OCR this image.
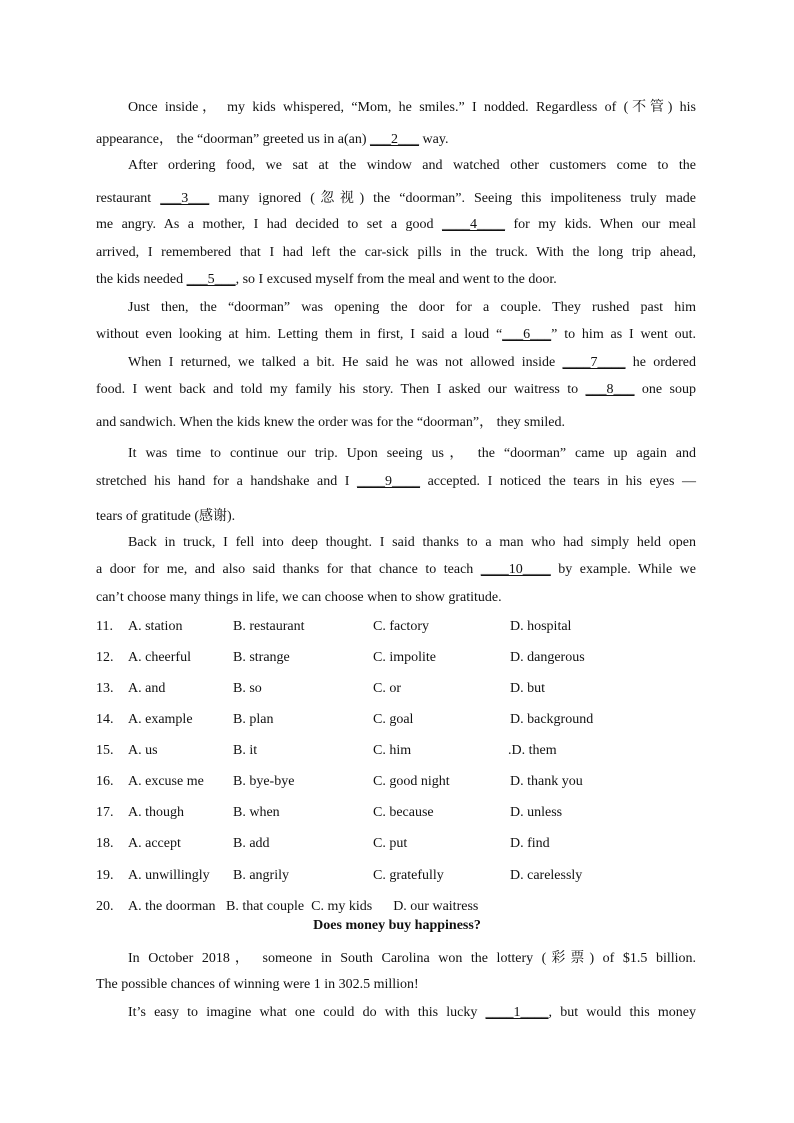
Once inside， my kids whispered, “Mom, he smiles.” I nodded. Regardless of (不管) his
appearance， the “doorman” greeted us in a(an) ___2___ way.
After ordering food, we sat at the window and watched other customers come to the
restaurant ___3___ many ignored (忽视) the “doorman”. Seeing this impoliteness truly made
me angry. As a mother, I had decided to set a good ____4____ for my kids. When our meal
arrived, I remembered that I had left the car-sick pills in the truck. With the long trip ahead,
the kids needed ___5___, so I excused myself from the meal and went to the door.
Just then, the “doorman” was opening the door for a couple. They rushed past him
without even looking at him. Letting them in first, I said a loud “___6___” to him as I went out.
When I returned, we talked a bit. He said he was not allowed inside ____7____ he ordered
food. I went back and told my family his story. Then I asked our waitress to ___8___ one soup
and sandwich. When the kids knew the order was for the “doorman”， they smiled.
It was time to continue our trip. Upon seeing us， the “doorman” came up again and
stretched his hand for a handshake and I ____9____ accepted. I noticed the tears in his eyes —
tears of gratitude (感谢).
Back in truck, I fell into deep thought. I said thanks to a man who had simply held open
a door for me, and also said thanks for that chance to teach ____10____ by example. While we
can’t choose many things in life, we can choose when to show gratitude.
11. A. station	B. restaurant	C. factory	D. hospital
12. A. cheerful	B. strange	C. impolite	D. dangerous
13. A. and	B. so	C. or	D. but
14. A. example	B. plan	C. goal	D. background
15. A. us	B. it	C. him	.D. them
16. A. excuse me B. bye-bye	C. good night	D. thank you
17. A. though	B. when	C. because	D. unless
18. A. accept	B. add	C. put	D. find
19. A. unwillingly B. angrily	C. gratefully	D. carelessly
20. A. the doorman   B. that couple  C. my kids      D. our waitress
Does money buy happiness?
In October 2018， someone in South Carolina won the lottery (彩票) of $1.5 billion.
The possible chances of winning were 1 in 302.5 million!
It’s easy to imagine what one could do with this lucky ____1____, but would this money
